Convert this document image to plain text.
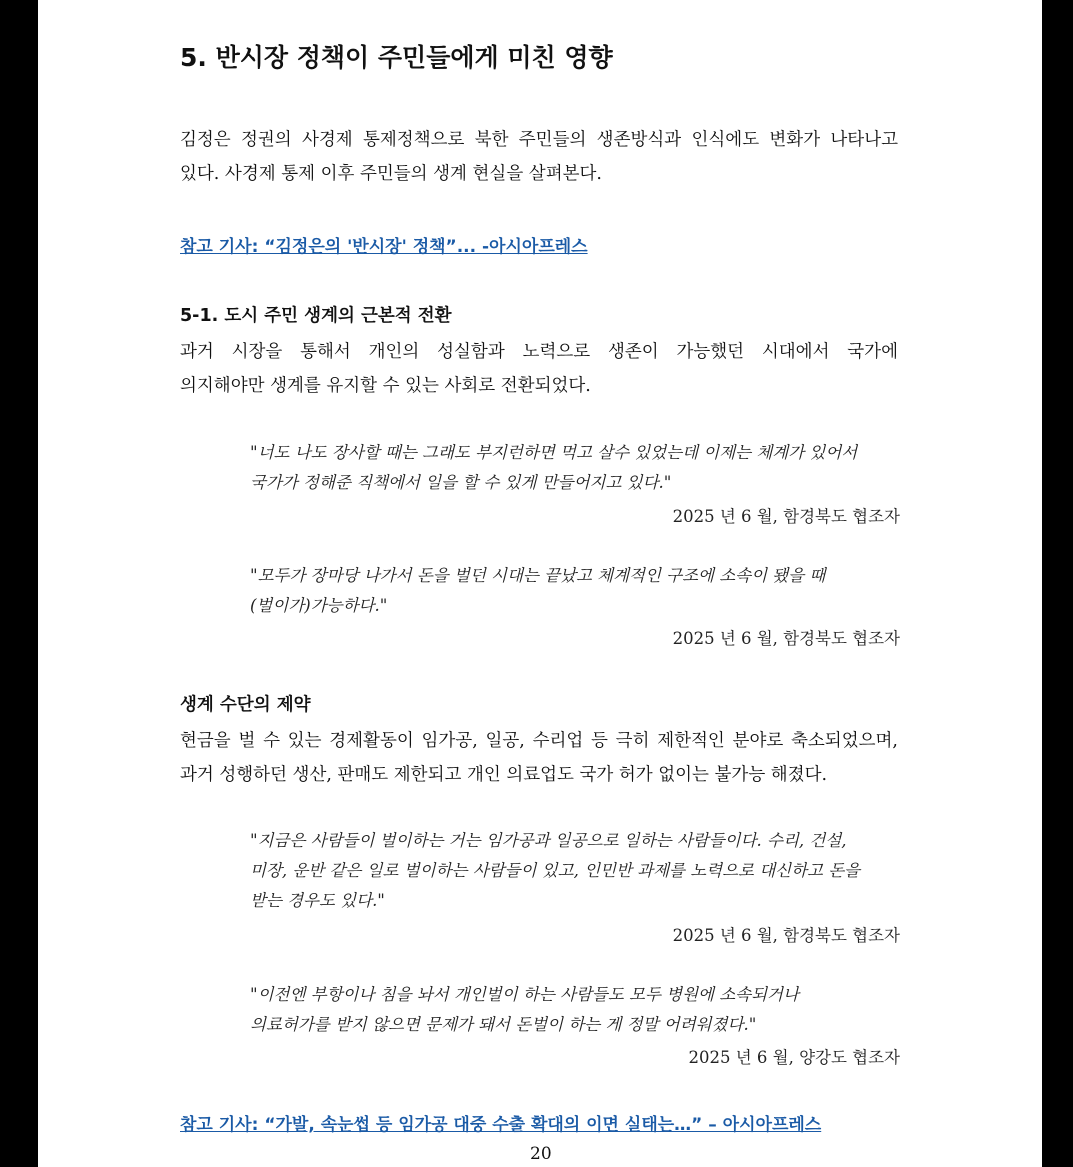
5. 반시장 정책이 주민들에게 미친 영향
김정은 정권의 사경제 통제정책으로 북한 주민들의 생존방식과 인식에도 변화가 나타나고
있다. 사경제 통제 이후 주민들의 생계 현실을 살펴본다.
참고 기사: “김정은의 '반시장' 정책”... -아시아프레스
5-1. 도시 주민 생계의 근본적 전환
과거 시장을 통해서 개인의 성실함과 노력으로 생존이 가능했던 시대에서 국가에
의지해야만 생계를 유지할 수 있는 사회로 전환되었다.
"너도 나도 장사할 때는 그래도 부지런하면 먹고 살수 있었는데 이제는 체계가 있어서
국가가 정해준 직책에서 일을 할 수 있게 만들어지고 있다."
2025 년 6 월, 함경북도 협조자
"모두가 장마당 나가서 돈을 벌던 시대는 끝났고 체계적인 구조에 소속이 됐을 때
(벌이가)가능하다."
2025 년 6 월, 함경북도 협조자
생계 수단의 제약
현금을 벌 수 있는 경제활동이 임가공, 일공, 수리업 등 극히 제한적인 분야로 축소되었으며,
과거 성행하던 생산, 판매도 제한되고 개인 의료업도 국가 허가 없이는 불가능 해졌다.
"지금은 사람들이 벌이하는 거는 임가공과 일공으로 일하는 사람들이다. 수리, 건설,
미장, 운반 같은 일로 벌이하는 사람들이 있고, 인민반 과제를 노력으로 대신하고 돈을
받는 경우도 있다."
2025 년 6 월, 함경북도 협조자
"이전엔 부항이나 침을 놔서 개인벌이 하는 사람들도 모두 병원에 소속되거나
의료허가를 받지 않으면 문제가 돼서 돈벌이 하는 게 정말 어려워졌다."
2025 년 6 월, 양강도 협조자
참고 기사: “가발, 속눈썹 등 임가공 대중 수출 확대의 이면 실태는…” – 아시아프레스
20
